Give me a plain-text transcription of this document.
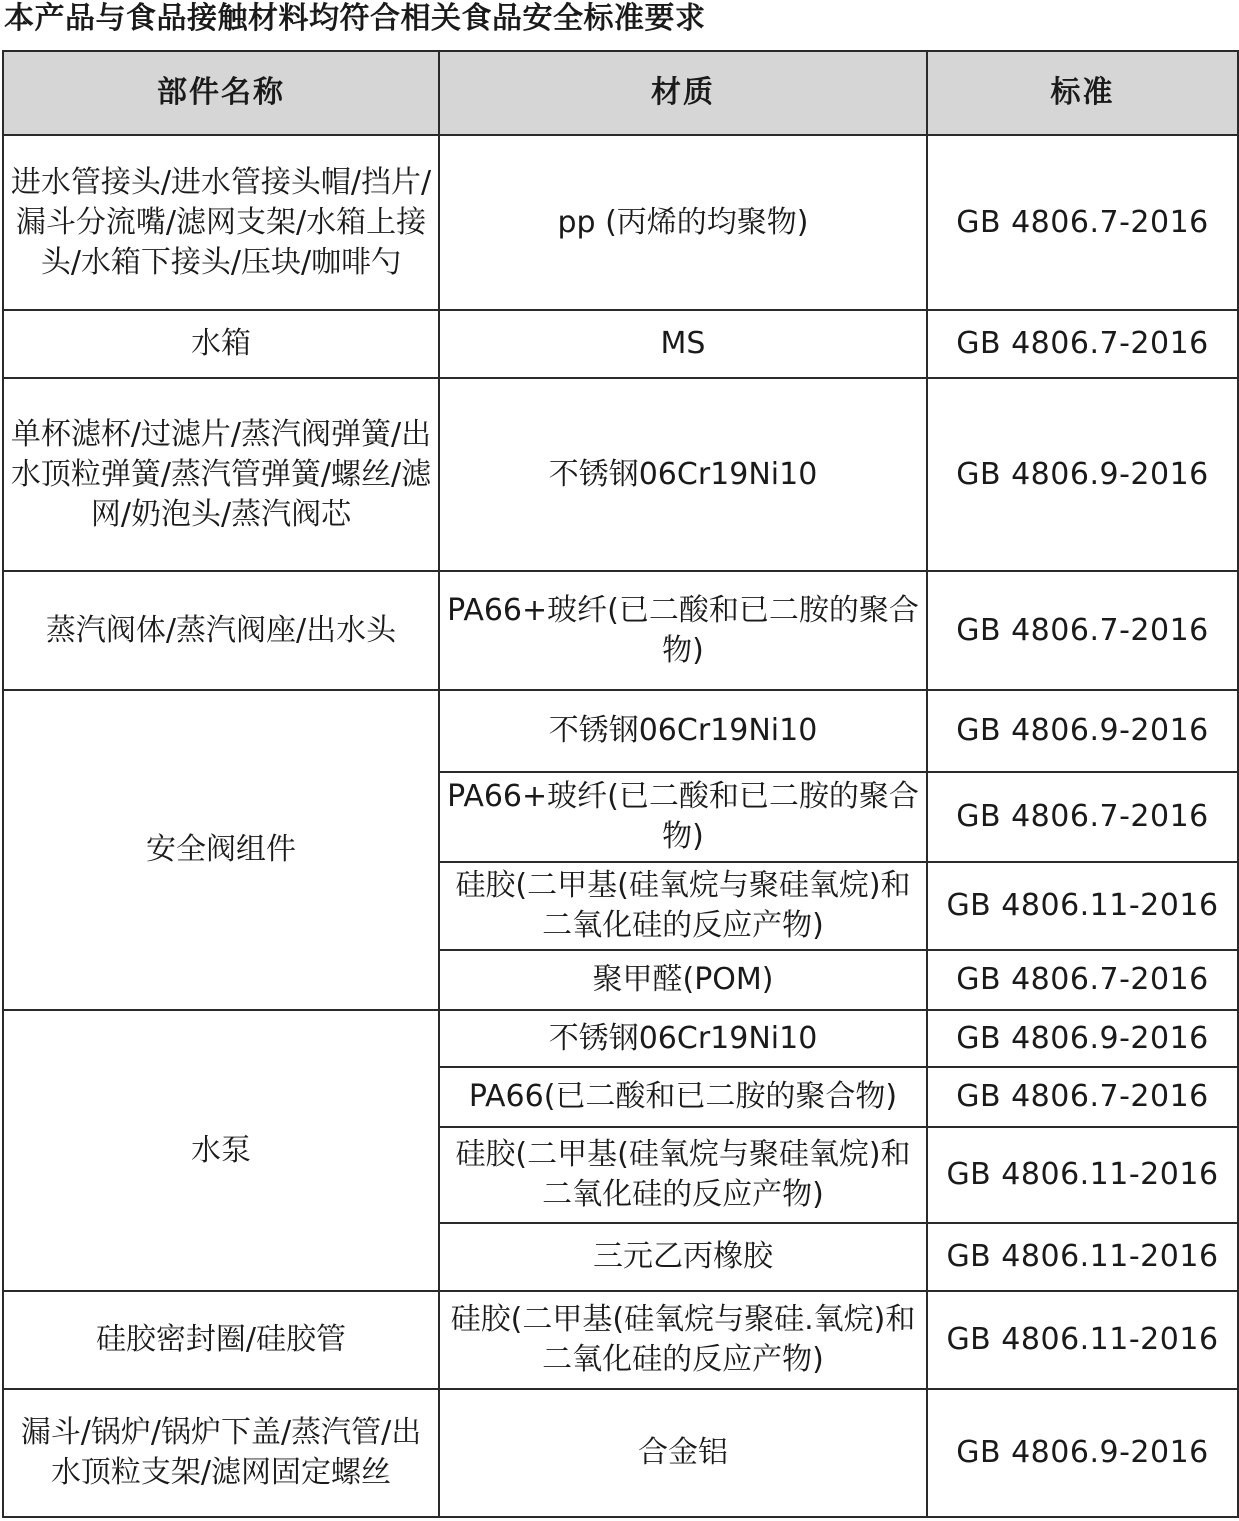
本产品与食品接触材料均符合相关食品安全标准要求
部件名称	材质	标准
进水管接头/进水管接头帽/挡片/漏斗分流嘴/滤网支架/水箱上接头/水箱下接头/压块/咖啡勺	pp (丙烯的均聚物)	GB 4806.7-2016
水箱	MS	GB 4806.7-2016
单杯滤杯/过滤片/蒸汽阀弹簧/出水顶粒弹簧/蒸汽管弹簧/螺丝/滤网/奶泡头/蒸汽阀芯	不锈钢06Cr19Ni10	GB 4806.9-2016
蒸汽阀体/蒸汽阀座/出水头	PA66+玻纤(已二酸和已二胺的聚合物)	GB 4806.7-2016
安全阀组件	不锈钢06Cr19Ni10	GB 4806.9-2016
	PA66+玻纤(已二酸和已二胺的聚合物)	GB 4806.7-2016
	硅胶(二甲基(硅氧烷与聚硅氧烷)和二氧化硅的反应产物)	GB 4806.11-2016
	聚甲醛(POM)	GB 4806.7-2016
水泵	不锈钢06Cr19Ni10	GB 4806.9-2016
	PA66(已二酸和已二胺的聚合物)	GB 4806.7-2016
	硅胶(二甲基(硅氧烷与聚硅氧烷)和二氧化硅的反应产物)	GB 4806.11-2016
	三元乙丙橡胶	GB 4806.11-2016
硅胶密封圈/硅胶管	硅胶(二甲基(硅氧烷与聚硅.氧烷)和二氧化硅的反应产物)	GB 4806.11-2016
漏斗/锅炉/锅炉下盖/蒸汽管/出水顶粒支架/滤网固定螺丝	合金铝	GB 4806.9-2016
